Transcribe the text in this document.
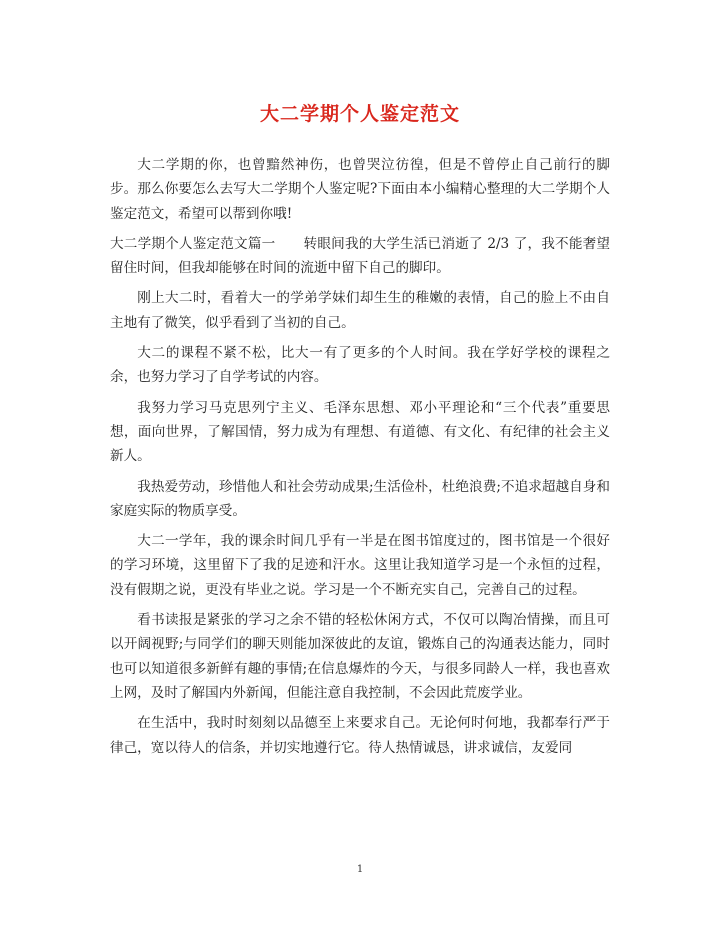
大二学期个人鉴定范文

大二学期的你，也曾黯然神伤，也曾哭泣彷徨，但是不曾停止自己前行的脚步。那么你要怎么去写大二学期个人鉴定呢?下面由本小编精心整理的大二学期个人鉴定范文，希望可以帮到你哦!

大二学期个人鉴定范文篇一 转眼间我的大学生活已消逝了 2/3 了，我不能奢望留住时间，但我却能够在时间的流逝中留下自己的脚印。

刚上大二时，看着大一的学弟学妹们却生生的稚嫩的表情，自己的脸上不由自主地有了微笑，似乎看到了当初的自己。

大二的课程不紧不松，比大一有了更多的个人时间。我在学好学校的课程之余，也努力学习了自学考试的内容。

我努力学习马克思列宁主义、毛泽东思想、邓小平理论和“三个代表”重要思想，面向世界，了解国情，努力成为有理想、有道德、有文化、有纪律的社会主义新人。

我热爱劳动，珍惜他人和社会劳动成果;生活俭朴，杜绝浪费;不追求超越自身和家庭实际的物质享受。

大二一学年，我的课余时间几乎有一半是在图书馆度过的，图书馆是一个很好的学习环境，这里留下了我的足迹和汗水。这里让我知道学习是一个永恒的过程，没有假期之说，更没有毕业之说。学习是一个不断充实自己，完善自己的过程。

看书读报是紧张的学习之余不错的轻松休闲方式，不仅可以陶冶情操，而且可以开阔视野;与同学们的聊天则能加深彼此的友谊，锻炼自己的沟通表达能力，同时也可以知道很多新鲜有趣的事情;在信息爆炸的今天，与很多同龄人一样，我也喜欢上网，及时了解国内外新闻，但能注意自我控制，不会因此荒废学业。

在生活中，我时时刻刻以品德至上来要求自己。无论何时何地，我都奉行严于律己，宽以待人的信条，并切实地遵行它。待人热情诚恳，讲求诚信，友爱同

1
